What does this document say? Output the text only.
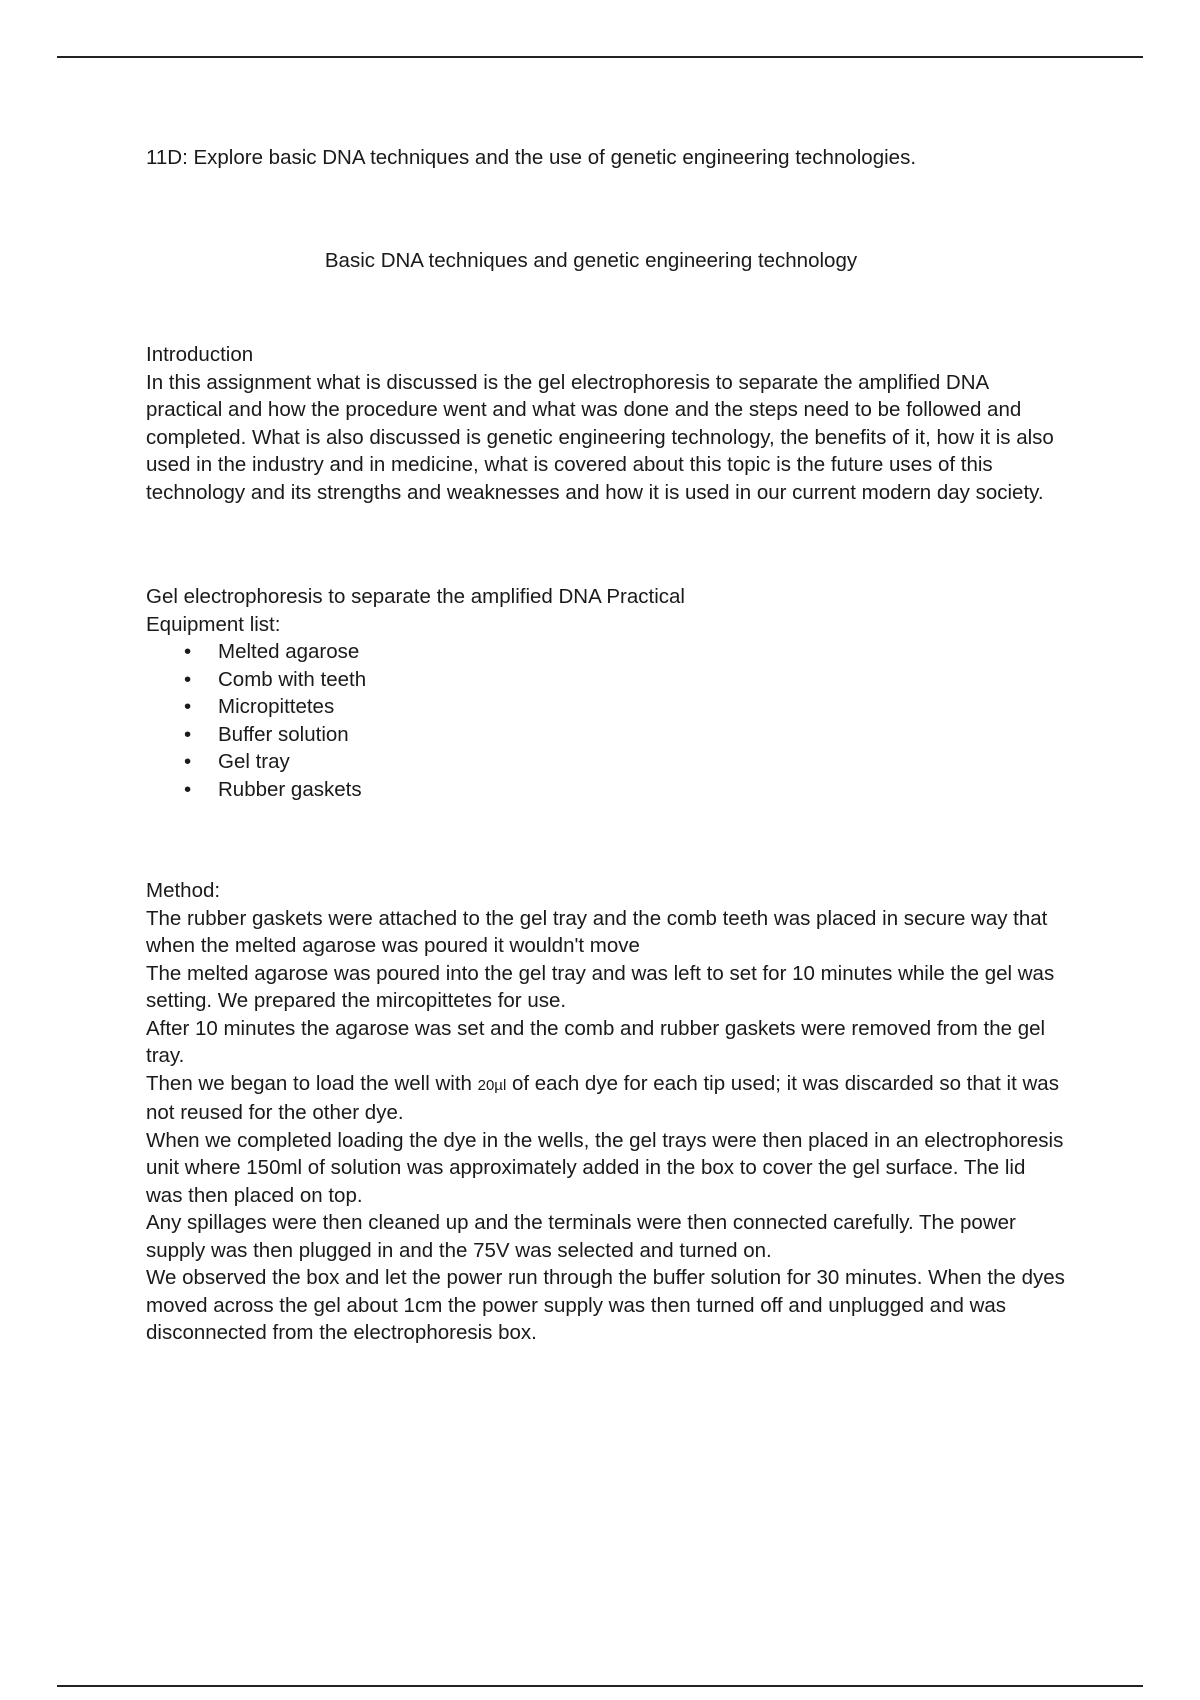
11D: Explore basic DNA techniques and the use of genetic engineering technologies.

Basic DNA techniques and genetic engineering technology

Introduction

In this assignment what is discussed is the gel electrophoresis to separate the amplified DNA practical and how the procedure went and what was done and the steps need to be followed and completed. What is also discussed is genetic engineering technology, the benefits of it, how it is also used in the industry and in medicine, what is covered about this topic is the future uses of this technology and its strengths and weaknesses and how it is used in our current modern day society.

Gel electrophoresis to separate the amplified DNA Practical

Equipment list:

• Melted agarose
• Comb with teeth
• Micropittetes
• Buffer solution
• Gel tray
• Rubber gaskets

Method:

The rubber gaskets were attached to the gel tray and the comb teeth was placed in secure way that when the melted agarose was poured it wouldn't move

The melted agarose was poured into the gel tray and was left to set for 10 minutes while the gel was setting. We prepared the mircopittetes for use.

After 10 minutes the agarose was set and the comb and rubber gaskets were removed from the gel tray.

Then we began to load the well with 20µl of each dye for each tip used; it was discarded so that it was not reused for the other dye.

When we completed loading the dye in the wells, the gel trays were then placed in an electrophoresis unit where 150ml of solution was approximately added in the box to cover the gel surface. The lid was then placed on top.

Any spillages were then cleaned up and the terminals were then connected carefully. The power supply was then plugged in and the 75V was selected and turned on.

We observed the box and let the power run through the buffer solution for 30 minutes. When the dyes moved across the gel about 1cm the power supply was then turned off and unplugged and was disconnected from the electrophoresis box.
